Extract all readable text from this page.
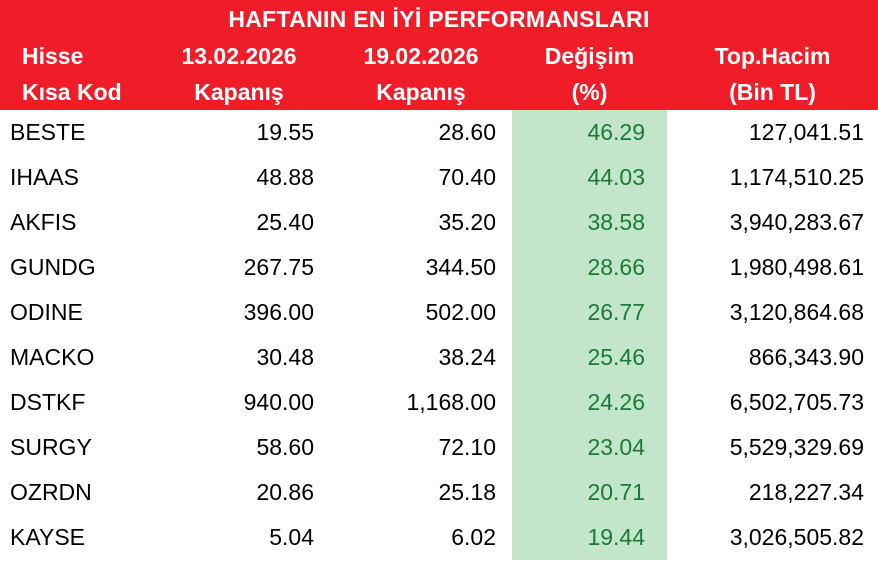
HAFTANIN EN İYİ PERFORMANSLARI
Hisse	13.02.2026	19.02.2026	Değişim	Top.Hacim
Kısa Kod	Kapanış	Kapanış	(%)	(Bin TL)
BESTE	19.55	28.60	46.29	127,041.51
IHAAS	48.88	70.40	44.03	1,174,510.25
AKFIS	25.40	35.20	38.58	3,940,283.67
GUNDG	267.75	344.50	28.66	1,980,498.61
ODINE	396.00	502.00	26.77	3,120,864.68
MACKO	30.48	38.24	25.46	866,343.90
DSTKF	940.00	1,168.00	24.26	6,502,705.73
SURGY	58.60	72.10	23.04	5,529,329.69
OZRDN	20.86	25.18	20.71	218,227.34
KAYSE	5.04	6.02	19.44	3,026,505.82
